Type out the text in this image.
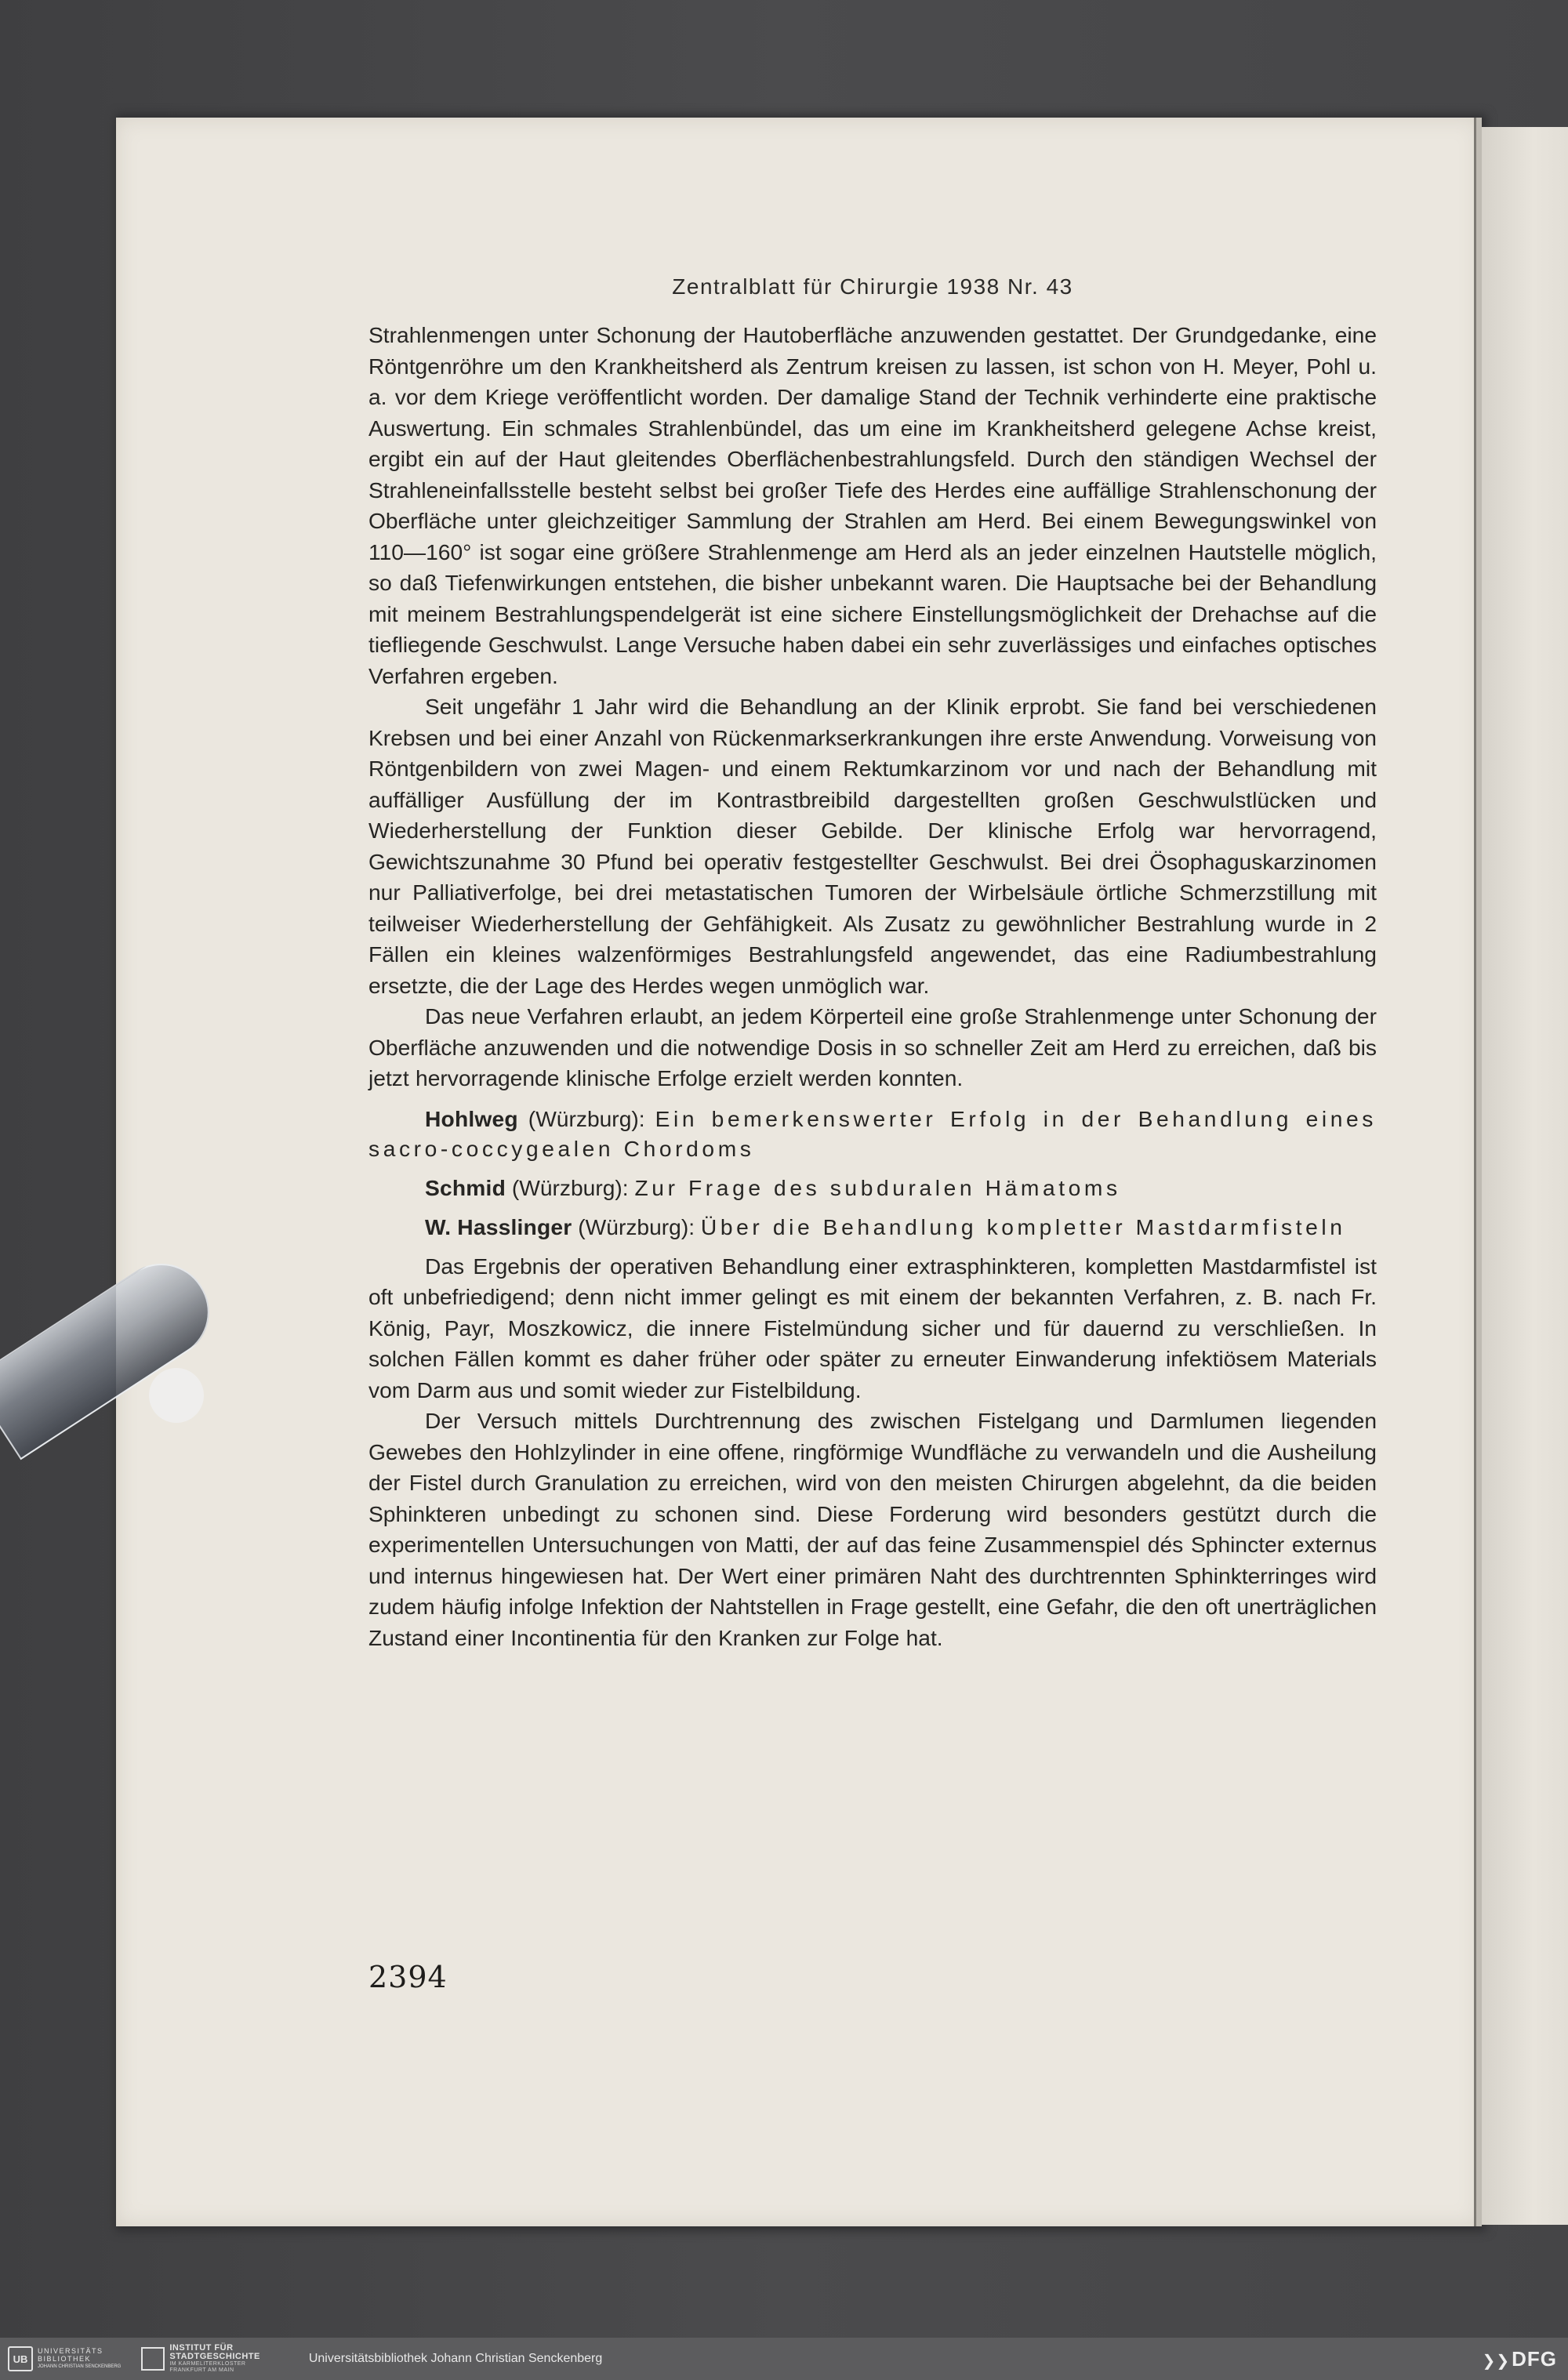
Zentralblatt für Chirurgie 1938 Nr. 43

Strahlenmengen unter Schonung der Hautoberfläche anzuwenden gestattet. Der Grundgedanke, eine Röntgenröhre um den Krankheitsherd als Zentrum kreisen zu lassen, ist schon von H. Meyer, Pohl u. a. vor dem Kriege veröffentlicht worden. Der damalige Stand der Technik verhinderte eine praktische Auswertung. Ein schmales Strahlenbündel, das um eine im Krankheitsherd gelegene Achse kreist, ergibt ein auf der Haut gleitendes Oberflächenbestrahlungsfeld. Durch den ständigen Wechsel der Strahleneinfallsstelle besteht selbst bei großer Tiefe des Herdes eine auffällige Strahlenschonung der Oberfläche unter gleichzeitiger Sammlung der Strahlen am Herd. Bei einem Bewegungswinkel von 110—160° ist sogar eine größere Strahlenmenge am Herd als an jeder einzelnen Hautstelle möglich, so daß Tiefenwirkungen entstehen, die bisher unbekannt waren. Die Hauptsache bei der Behandlung mit meinem Bestrahlungspendelgerät ist eine sichere Einstellungsmöglichkeit der Drehachse auf die tiefliegende Geschwulst. Lange Versuche haben dabei ein sehr zuverlässiges und einfaches optisches Verfahren ergeben.

Seit ungefähr 1 Jahr wird die Behandlung an der Klinik erprobt. Sie fand bei verschiedenen Krebsen und bei einer Anzahl von Rückenmarkserkrankungen ihre erste Anwendung. Vorweisung von Röntgenbildern von zwei Magen- und einem Rektumkarzinom vor und nach der Behandlung mit auffälliger Ausfüllung der im Kontrastbreibild dargestellten großen Geschwulstlücken und Wiederherstellung der Funktion dieser Gebilde. Der klinische Erfolg war hervorragend, Gewichtszunahme 30 Pfund bei operativ festgestellter Geschwulst. Bei drei Ösophaguskarzinomen nur Palliativerfolge, bei drei metastatischen Tumoren der Wirbelsäule örtliche Schmerzstillung mit teilweiser Wiederherstellung der Gehfähigkeit. Als Zusatz zu gewöhnlicher Bestrahlung wurde in 2 Fällen ein kleines walzenförmiges Bestrahlungsfeld angewendet, das eine Radiumbestrahlung ersetzte, die der Lage des Herdes wegen unmöglich war.

Das neue Verfahren erlaubt, an jedem Körperteil eine große Strahlenmenge unter Schonung der Oberfläche anzuwenden und die notwendige Dosis in so schneller Zeit am Herd zu erreichen, daß bis jetzt hervorragende klinische Erfolge erzielt werden konnten.

Hohlweg (Würzburg): Ein bemerkenswerter Erfolg in der Behandlung eines sacro-coccygealen Chordoms

Schmid (Würzburg): Zur Frage des subduralen Hämatoms

W. Hasslinger (Würzburg): Über die Behandlung kompletter Mastdarmfisteln

Das Ergebnis der operativen Behandlung einer extrasphinkteren, kompletten Mastdarmfistel ist oft unbefriedigend; denn nicht immer gelingt es mit einem der bekannten Verfahren, z. B. nach Fr. König, Payr, Moszkowicz, die innere Fistelmündung sicher und für dauernd zu verschließen. In solchen Fällen kommt es daher früher oder später zu erneuter Einwanderung infektiösem Materials vom Darm aus und somit wieder zur Fistelbildung.

Der Versuch mittels Durchtrennung des zwischen Fistelgang und Darmlumen liegenden Gewebes den Hohlzylinder in eine offene, ringförmige Wundfläche zu verwandeln und die Ausheilung der Fistel durch Granulation zu erreichen, wird von den meisten Chirurgen abgelehnt, da die beiden Sphinkteren unbedingt zu schonen sind. Diese Forderung wird besonders gestützt durch die experimentellen Untersuchungen von Matti, der auf das feine Zusammenspiel dés Sphincter externus und internus hingewiesen hat. Der Wert einer primären Naht des durchtrennten Sphinkterringes wird zudem häufig infolge Infektion der Nahtstellen in Frage gestellt, eine Gefahr, die den oft unerträglichen Zustand einer Incontinentia für den Kranken zur Folge hat.

2394
UB
UNIVERSITÄTS
BIBLIOTHEK
JOHANN CHRISTIAN SENCKENBERG
INSTITUT FÜR
STADTGESCHICHTE
IM KARMELITERKLOSTER
FRANKFURT AM MAIN
Universitätsbibliothek Johann Christian Senckenberg	❯❯DFG
